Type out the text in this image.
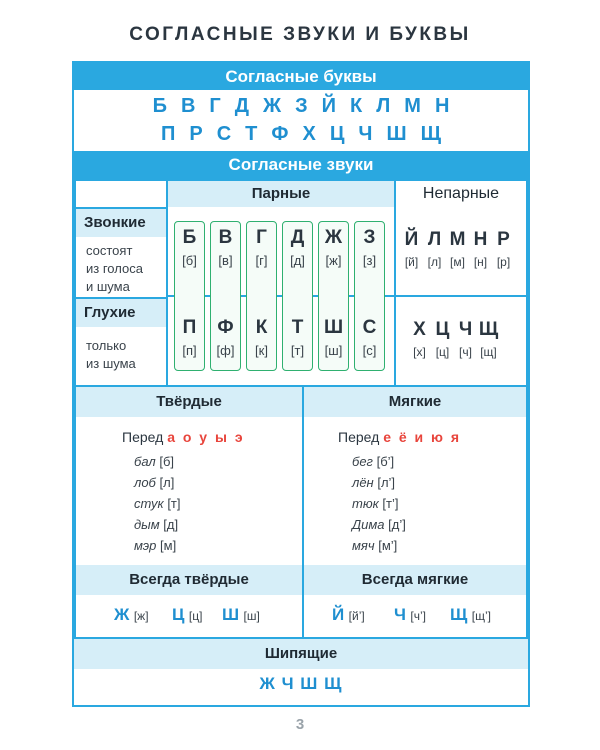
СОГЛАСНЫЕ ЗВУКИ И БУКВЫ
Согласные буквы
Б В Г Д Ж З Й К Л М Н
П Р С Т Ф Х Ц Ч Ш Щ
Согласные звуки
Парные	Непарные
Звонкие
состоят
из голоса
и шума
Глухие
только
из шума
Б	В	Г	Д	Ж	З
[б]	[в]	[г]	[д]	[ж]	[з]
П	Ф	К	Т	Ш	С
[п]	[ф]	[к]	[т]	[ш]	[с]
Й Л М Н Р
[й] [л] [м] [н] [р]
Х Ц Ч Щ
[х] [ц] [ч] [щ]
Твёрдые
Перед а о у ы э
бал [б]
лоб [л]
стук [т]
дым [д]
мэр [м]
Всегда твёрдые
Ж [ж] Ц [ц] Ш [ш]
Мягкие
Перед е ё и ю я
бег [б’]
лён [л’]
тюк [т’]
Дима [д’]
мяч [м’]
Всегда мягкие
Й [й’] Ч [ч’] Щ [щ’]
Шипящие
Ж Ч Ш Щ
3
